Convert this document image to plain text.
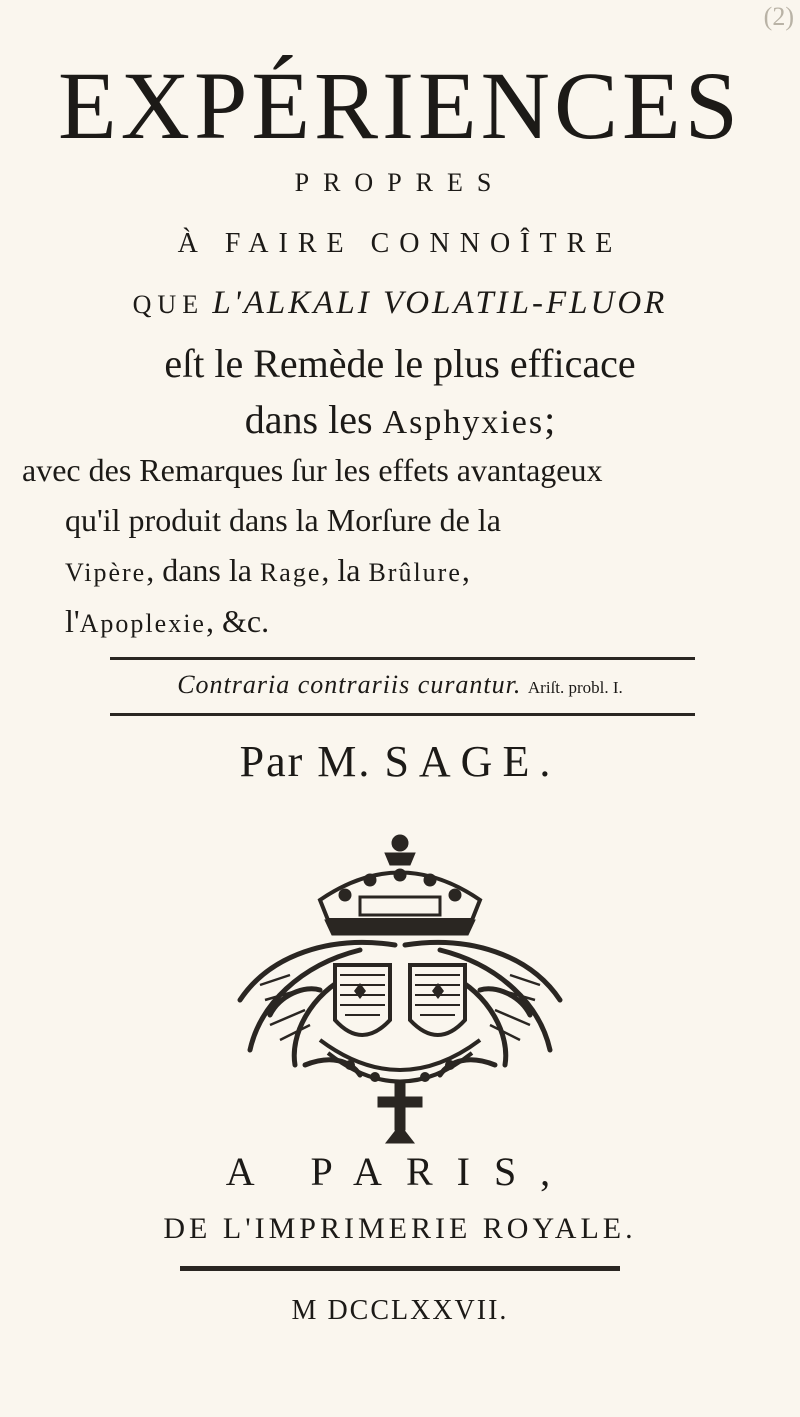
(2)
EXPÉRIENCES
PROPRES
À FAIRE CONNOÎTRE
QUE L'ALKALI VOLATIL-FLUOR
eſt le Remède le plus efficace
dans les Asphyxies;
avec des Remarques ſur les effets avantageux
qu'il produit dans la Morſure de la
Vipère, dans la Rage, la Brûlure,
l'Apoplexie, &c.
Contraria contrariis curantur. Ariſt. probl. I.
Par M. SAGE.
A PARIS,
DE L'IMPRIMERIE ROYALE.
M DCCLXXVII.
